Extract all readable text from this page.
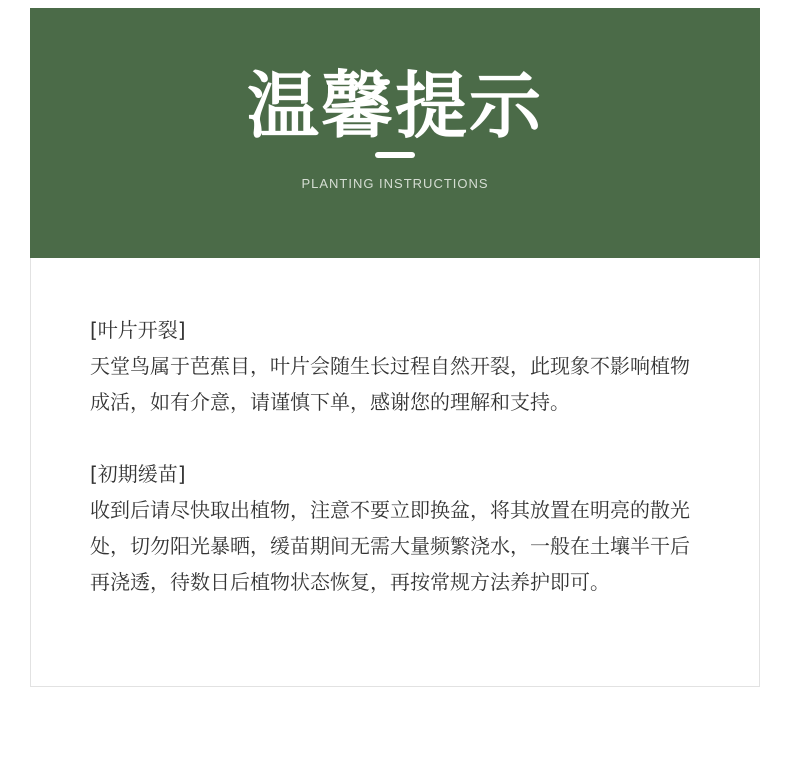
温馨提示
PLANTING INSTRUCTIONS

[叶片开裂]

天堂鸟属于芭蕉目，叶片会随生长过程自然开裂，此现象不影响植物成活，如有介意，请谨慎下单，感谢您的理解和支持。

[初期缓苗]

收到后请尽快取出植物，注意不要立即换盆，将其放置在明亮的散光处，切勿阳光暴晒，缓苗期间无需大量频繁浇水，一般在土壤半干后再浇透，待数日后植物状态恢复，再按常规方法养护即可。
